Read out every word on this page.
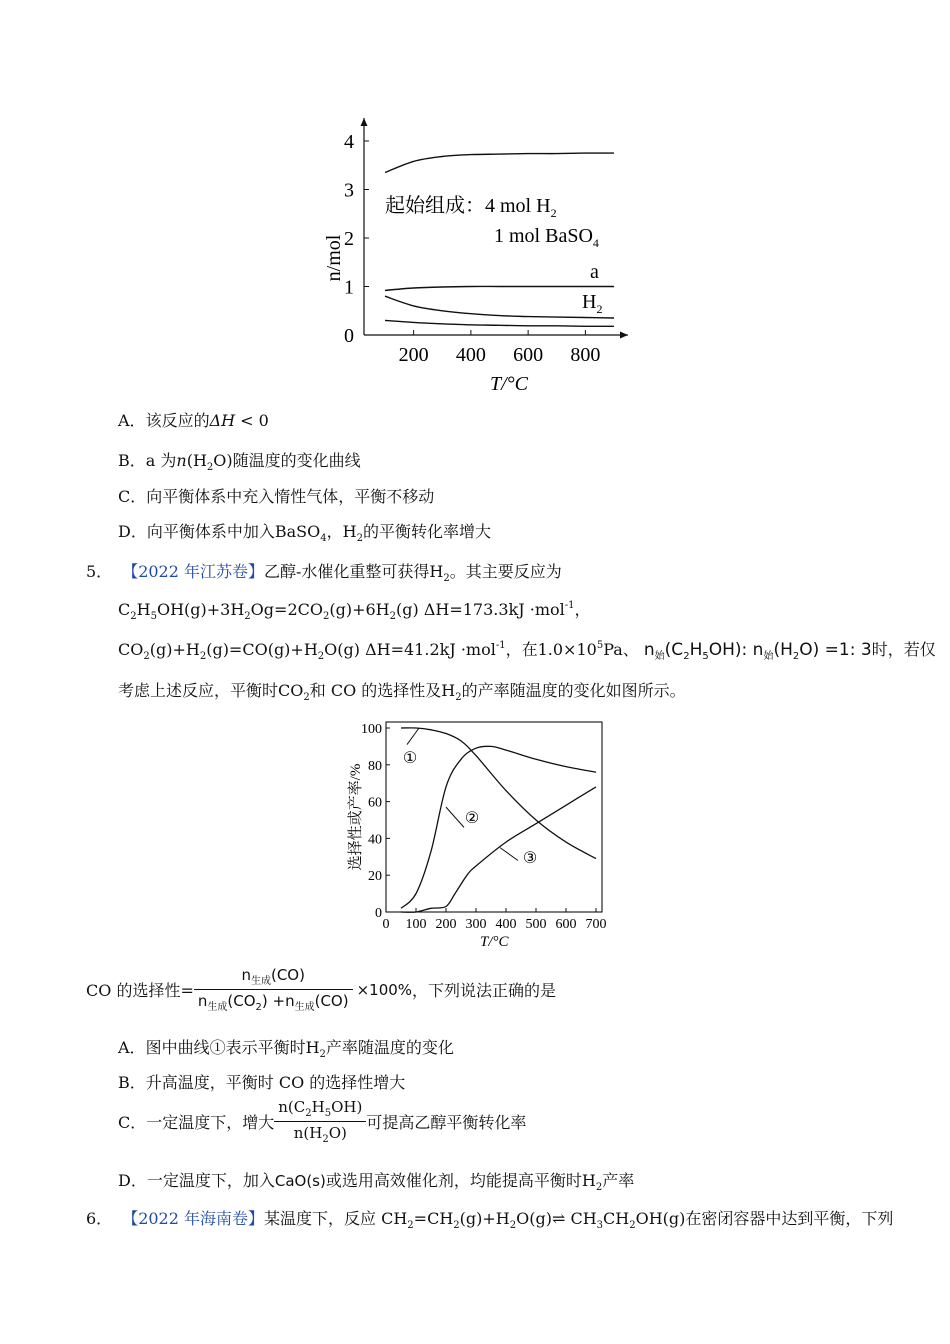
200 400 600 800
0
1
2
3
4
起始组成：4 mol $H_2$
1 mol BaSO$_4$
a
$H_2$
T/°C
n/mol
A．该反应的ΔH < 0
B．a 为$n(H_2O)$随温度的变化曲线
C．向平衡体系中充入惰性气体，平衡不移动
D．向平衡体系中加入BaSO$_4$，$H_2$的平衡转化率增大
5． 【2022 年江苏卷】乙醇-水催化重整可获得$H_2$。其主要反应为
$C_2H_5OH(g)+3H_2Og=2CO_2(g)+6H_2(g)$ ΔH=173.3kJ ·mol$^{-1}$，
$CO_2(g)+H_2(g)=CO(g)+H_2O(g)$ ΔH=41.2kJ ·mol$^{-1}$，在$1.0\times 10^5Pa$、 $n_始(C_2H_5OH)$: $n_始(H_2O) =1$: 3时，若仅
考虑上述反应，平衡时$CO_2$和 CO 的选择性及$H_2$的产率随温度的变化如图所示。
0 100 200 300 400 500 600 700
0
20
40
60
80
100
①
②
③
T/°C
选择性或产率/%
CO 的选择性= $\frac{n_{生成}(CO)}{n_{生成}(CO_2) +n_{生成}(CO)} \times 100\%$ ，下列说法正确的是
A．图中曲线①表示平衡时$H_2$产率随温度的变化
B．升高温度，平衡时 CO 的选择性增大
C． 一定温度下，增大 $\frac{n(C_2H_5OH)}{n(H_2O)}$ 可提高乙醇平衡转化率
D．一定温度下，加入CaO(s)或选用高效催化剂，均能提高平衡时$H_2$产率
6． 【2022 年海南卷】某温度下，反应 $CH_2=CH_2(g)+H_2O(g)\rightleftharpoons$ $CH_3CH_2OH(g)$在密闭容器中达到平衡，下列
